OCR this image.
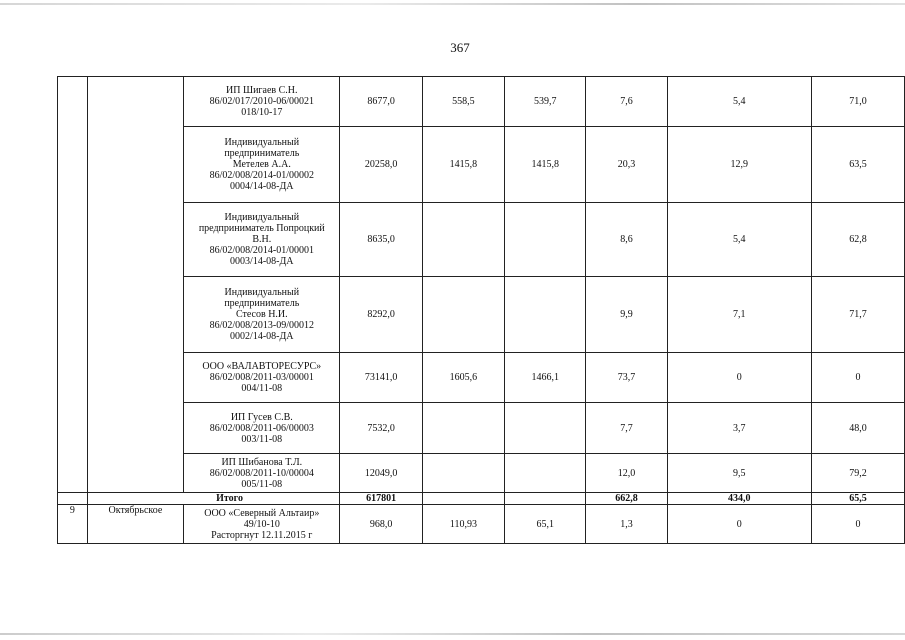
367
		ИП Шигаев С.Н.
86/02/017/2010-06/00021
018/10-17	8677,0	558,5	539,7	7,6	5,4	71,0
		Индивидуальный
предприниматель
Метелев А.А.
86/02/008/2014-01/00002
0004/14-08-ДА	20258,0	1415,8	1415,8	20,3	12,9	63,5
		Индивидуальный
предприниматель Попроцкий
В.Н.
86/02/008/2014-01/00001
0003/14-08-ДА	8635,0			8,6	5,4	62,8
		Индивидуальный
предприниматель
Стесов Н.И.
86/02/008/2013-09/00012
0002/14-08-ДА	8292,0			9,9	7,1	71,7
		ООО «ВАЛАВТОРЕСУРС»
86/02/008/2011-03/00001
004/11-08	73141,0	1605,6	1466,1	73,7	0	0
		ИП Гусев С.В.
86/02/008/2011-06/00003
003/11-08	7532,0			7,7	3,7	48,0
		ИП Шибанова Т.Л.
86/02/008/2011-10/00004
005/11-08	12049,0			12,0	9,5	79,2
	Итого		617801			662,8	434,0	65,5
9	Октябрьское	ООО «Северный Альтаир»
49/10-10
Расторгнут 12.11.2015 г	968,0	110,93	65,1	1,3	0	0
